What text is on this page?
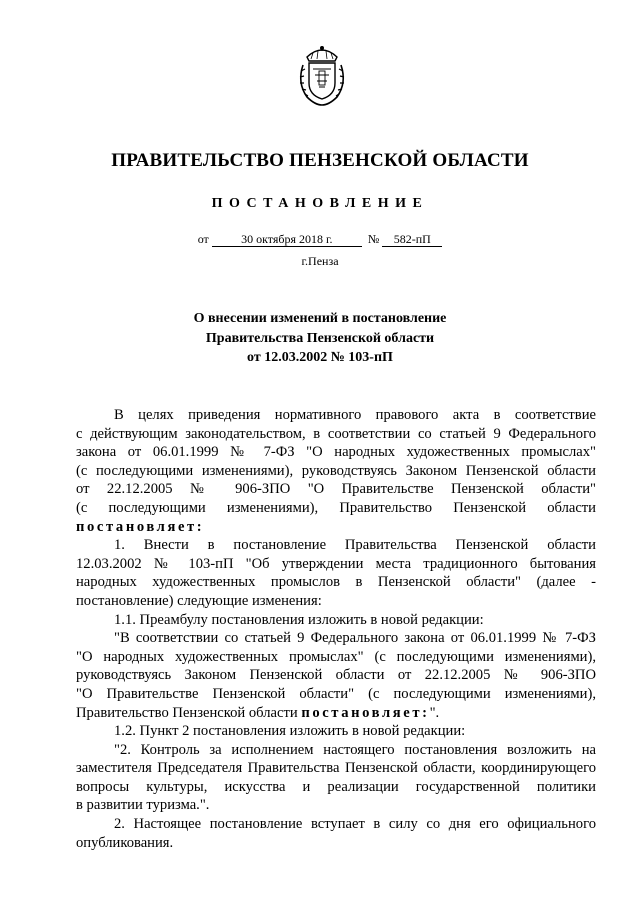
ПРАВИТЕЛЬСТВО ПЕНЗЕНСКОЙ ОБЛАСТИ
ПОСТАНОВЛЕНИЕ
от	30 октября 2018 г.	№ 582-пП
г.Пенза
О внесении изменений в постановление
Правительства Пензенской области
от 12.03.2002 № 103-пП

В целях приведения нормативного правового акта в соответствие

с действующим законодательством, в соответствии со статьей 9 Федерального

закона от 06.01.1999 № 7-ФЗ "О народных художественных промыслах"

(с последующими изменениями), руководствуясь Законом Пензенской области

от 22.12.2005 № 906-ЗПО "О Правительстве Пензенской области"

(с последующими изменениями), Правительство Пензенской области

постановляет:

1. Внести в постановление Правительства Пензенской области

12.03.2002 № 103-пП "Об утверждении места традиционного бытования

народных художественных промыслов в Пензенской области" (далее -

постановление) следующие изменения:

1.1. Преамбулу постановления изложить в новой редакции:

"В соответствии со статьей 9 Федерального закона от 06.01.1999 № 7-ФЗ

"О народных художественных промыслах" (с последующими изменениями),

руководствуясь Законом Пензенской области от 22.12.2005 № 906-ЗПО

"О Правительстве Пензенской области" (с последующими изменениями),

Правительство Пензенской области постановляет:".

1.2. Пункт 2 постановления изложить в новой редакции:

"2. Контроль за исполнением настоящего постановления возложить на

заместителя Председателя Правительства Пензенской области, координирующего

вопросы культуры, искусства и реализации государственной политики

в развитии туризма.".

2. Настоящее постановление вступает в силу со дня его официального

опубликования.
